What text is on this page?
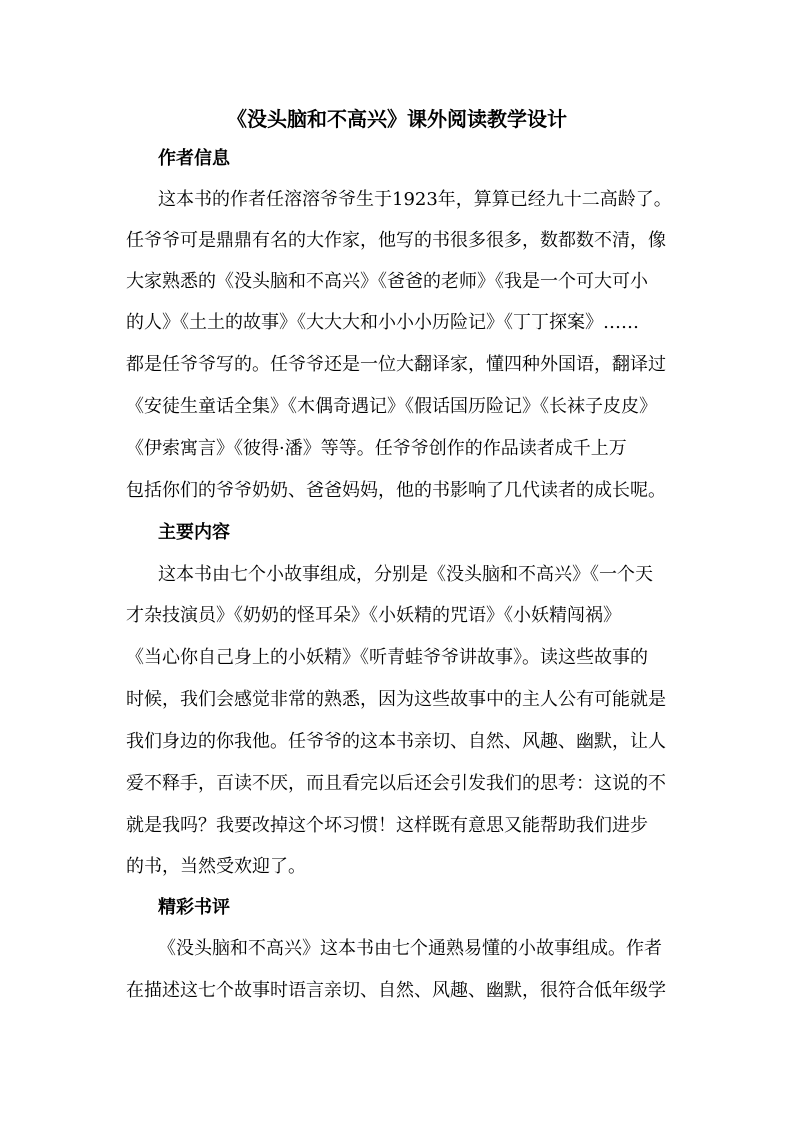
《没头脑和不高兴》课外阅读教学设计
作者信息

这本书的作者任溶溶爷爷生于1923年，算算已经九十二高龄了。

任爷爷可是鼎鼎有名的大作家，他写的书很多很多，数都数不清，像

大家熟悉的《没头脑和不高兴》《爸爸的老师》《我是一个可大可小

的人》《土土的故事》《大大大和小小小历险记》《丁丁探案》……

都是任爷爷写的。任爷爷还是一位大翻译家，懂四种外国语，翻译过

《安徒生童话全集》《木偶奇遇记》《假话国历险记》《长袜子皮皮》

《伊索寓言》《彼得·潘》等等。任爷爷创作的作品读者成千上万

包括你们的爷爷奶奶、爸爸妈妈，他的书影响了几代读者的成长呢。

主要内容

这本书由七个小故事组成，分别是《没头脑和不高兴》《一个天

才杂技演员》《奶奶的怪耳朵》《小妖精的咒语》《小妖精闯祸》

《当心你自己身上的小妖精》《听青蛙爷爷讲故事》。读这些故事的

时候，我们会感觉非常的熟悉，因为这些故事中的主人公有可能就是

我们身边的你我他。任爷爷的这本书亲切、自然、风趣、幽默，让人

爱不释手，百读不厌，而且看完以后还会引发我们的思考：这说的不

就是我吗？我要改掉这个坏习惯！这样既有意思又能帮助我们进步

的书，当然受欢迎了。

精彩书评

《没头脑和不高兴》这本书由七个通熟易懂的小故事组成。作者

在描述这七个故事时语言亲切、自然、风趣、幽默，很符合低年级学
